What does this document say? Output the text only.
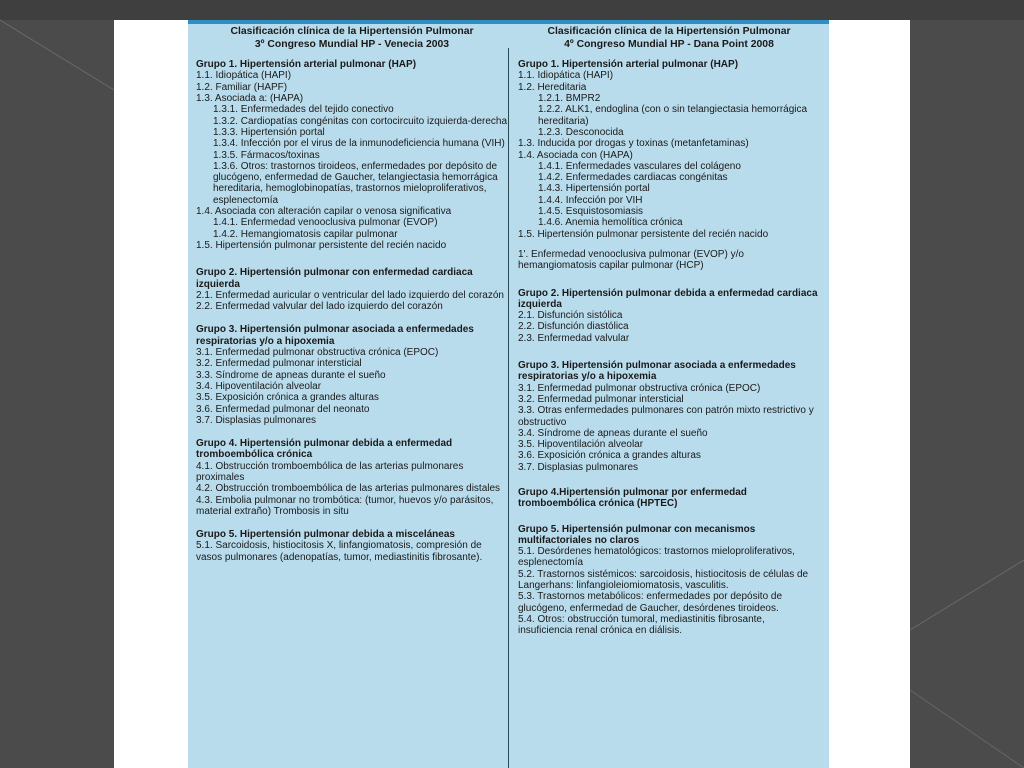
Clasificación clínica de la Hipertensión Pulmonar
3º Congreso Mundial HP - Venecia 2003
Grupo 1. Hipertensión arterial pulmonar (HAP)
1.1. Idiopática (HAPI)
1.2. Familiar (HAPF)
1.3. Asociada a: (HAPA)
1.3.1. Enfermedades del tejido conectivo
1.3.2. Cardiopatías congénitas con cortocircuito izquierda-derecha
1.3.3. Hipertensión portal
1.3.4. Infección por el virus de la inmunodeficiencia humana (VIH)
1.3.5. Fármacos/toxinas
1.3.6. Otros: trastornos tiroideos, enfermedades por depósito de glucógeno, enfermedad de Gaucher, telangiectasia hemorrágica hereditaria, hemoglobinopatías, trastornos mieloproliferativos, esplenectomía
1.4. Asociada con alteración capilar o venosa significativa
1.4.1. Enfermedad venooclusiva pulmonar (EVOP)
1.4.2. Hemangiomatosis capilar pulmonar
1.5. Hipertensión pulmonar persistente del recién nacido
Grupo 2. Hipertensión pulmonar con enfermedad cardiaca izquierda
2.1. Enfermedad auricular o ventricular del lado izquierdo del corazón
2.2. Enfermedad valvular del lado izquierdo del corazón
Grupo 3. Hipertensión pulmonar asociada a enfermedades respiratorias y/o a hipoxemia
3.1. Enfermedad pulmonar obstructiva crónica (EPOC)
3.2. Enfermedad pulmonar intersticial
3.3. Síndrome de apneas durante el sueño
3.4. Hipoventilación alveolar
3.5. Exposición crónica a grandes alturas
3.6. Enfermedad pulmonar del neonato
3.7. Displasias pulmonares
Grupo 4. Hipertensión pulmonar debida a enfermedad tromboembólica crónica
4.1. Obstrucción tromboembólica de las arterias pulmonares proximales
4.2. Obstrucción tromboembólica de las arterias pulmonares distales
4.3. Embolia pulmonar no trombótica: (tumor, huevos y/o parásitos, material extraño) Trombosis in situ
Grupo 5. Hipertensión pulmonar debida a misceláneas
5.1. Sarcoidosis, histiocitosis X, linfangiomatosis, compresión de vasos pulmonares (adenopatías, tumor, mediastinitis fibrosante).
Clasificación clínica de la Hipertensión Pulmonar
4º Congreso Mundial HP - Dana Point 2008
Grupo 1. Hipertensión arterial pulmonar (HAP)
1.1. Idiopática (HAPI)
1.2. Hereditaria
1.2.1. BMPR2
1.2.2. ALK1, endoglina (con o sin telangiectasia hemorrágica hereditaria)
1.2.3. Desconocida
1.3. Inducida por drogas y toxinas (metanfetaminas)
1.4. Asociada con (HAPA)
1.4.1. Enfermedades vasculares del colágeno
1.4.2. Enfermedades cardiacas congénitas
1.4.3. Hipertensión portal
1.4.4. Infección por VIH
1.4.5. Esquistosomiasis
1.4.6. Anemia hemolítica crónica
1.5. Hipertensión pulmonar persistente del recién nacido
1'. Enfermedad venooclusiva pulmonar (EVOP) y/o hemangiomatosis capilar pulmonar (HCP)
Grupo 2. Hipertensión pulmonar debida a enfermedad cardiaca izquierda
2.1. Disfunción sistólica
2.2. Disfunción diastólica
2.3. Enfermedad valvular
Grupo 3. Hipertensión pulmonar asociada a enfermedades respiratorias y/o a hipoxemia
3.1. Enfermedad pulmonar obstructiva crónica (EPOC)
3.2. Enfermedad pulmonar intersticial
3.3. Otras enfermedades pulmonares con patrón mixto restrictivo y obstructivo
3.4. Síndrome de apneas durante el sueño
3.5. Hipoventilación alveolar
3.6. Exposición crónica a grandes alturas
3.7. Displasias pulmonares
Grupo 4.Hipertensión pulmonar por enfermedad tromboembólica crónica (HPTEC)
Grupo 5. Hipertensión pulmonar con mecanismos multifactoriales no claros
5.1. Desórdenes hematológicos: trastornos mieloproliferativos, esplenectomía
5.2. Trastornos sistémicos: sarcoidosis, histiocitosis de células de Langerhans: linfangioleiomiomatosis, vasculitis.
5.3. Trastornos metabólicos: enfermedades por depósito de glucógeno, enfermedad de Gaucher, desórdenes tiroideos.
5.4. Otros: obstrucción tumoral, mediastinitis fibrosante, insuficiencia renal crónica en diálisis.
